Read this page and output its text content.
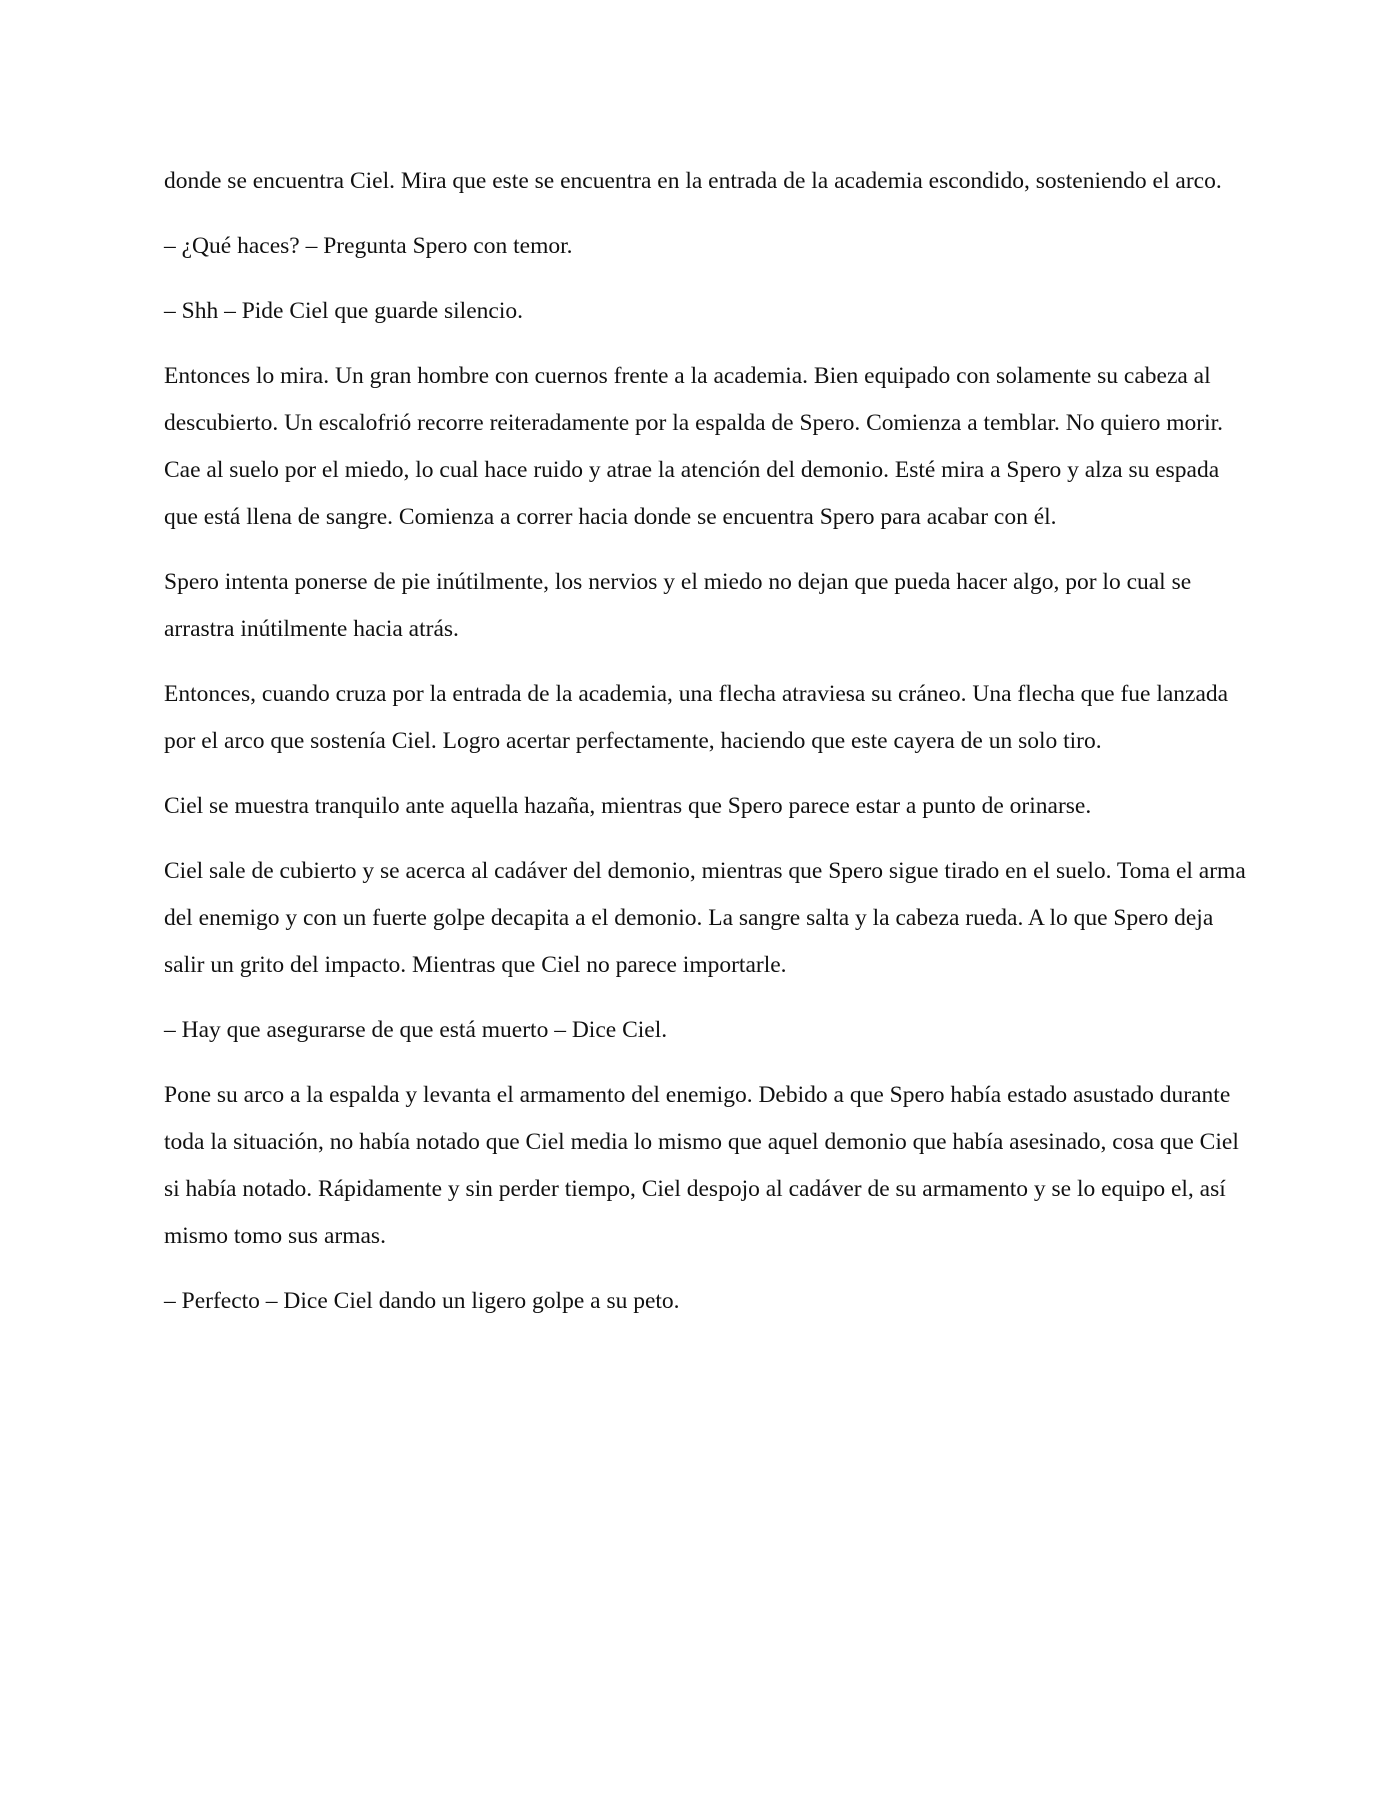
donde se encuentra Ciel. Mira que este se encuentra en la entrada de la academia escondido, sosteniendo el arco.

– ¿Qué haces? – Pregunta Spero con temor.

– Shh – Pide Ciel que guarde silencio.

Entonces lo mira. Un gran hombre con cuernos frente a la academia. Bien equipado con solamente su cabeza al descubierto. Un escalofrió recorre reiteradamente por la espalda de Spero. Comienza a temblar. No quiero morir. Cae al suelo por el miedo, lo cual hace ruido y atrae la atención del demonio. Esté mira a Spero y alza su espada que está llena de sangre. Comienza a correr hacia donde se encuentra Spero para acabar con él.

Spero intenta ponerse de pie inútilmente, los nervios y el miedo no dejan que pueda hacer algo, por lo cual se arrastra inútilmente hacia atrás.

Entonces, cuando cruza por la entrada de la academia, una flecha atraviesa su cráneo. Una flecha que fue lanzada por el arco que sostenía Ciel. Logro acertar perfectamente, haciendo que este cayera de un solo tiro.

Ciel se muestra tranquilo ante aquella hazaña, mientras que Spero parece estar a punto de orinarse.

Ciel sale de cubierto y se acerca al cadáver del demonio, mientras que Spero sigue tirado en el suelo. Toma el arma del enemigo y con un fuerte golpe decapita a el demonio. La sangre salta y la cabeza rueda. A lo que Spero deja salir un grito del impacto. Mientras que Ciel no parece importarle.

– Hay que asegurarse de que está muerto – Dice Ciel.

Pone su arco a la espalda y levanta el armamento del enemigo. Debido a que Spero había estado asustado durante toda la situación, no había notado que Ciel media lo mismo que aquel demonio que había asesinado, cosa que Ciel si había notado. Rápidamente y sin perder tiempo, Ciel despojo al cadáver de su armamento y se lo equipo el, así mismo tomo sus armas.

– Perfecto – Dice Ciel dando un ligero golpe a su peto.
